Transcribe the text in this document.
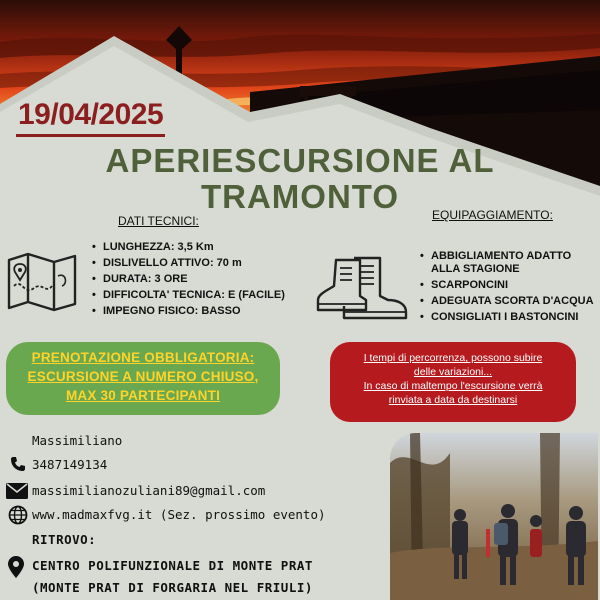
19/04/2025
APERIESCURSIONE AL
TRAMONTO
DATI TECNICI:
• LUNGHEZZA: 3,5 Km
• DISLIVELLO ATTIVO: 70 m
• DURATA: 3 ORE
• DIFFICOLTA' TECNICA: E (FACILE)
• IMPEGNO FISICO: BASSO
EQUIPAGGIAMENTO:
• ABBIGLIAMENTO ADATTO ALLA STAGIONE
• SCARPONCINI
• ADEGUATA SCORTA D'ACQUA
• CONSIGLIATI I BASTONCINI
PRENOTAZIONE OBBLIGATORIA:
ESCURSIONE A NUMERO CHIUSO,
MAX 30 PARTECIPANTI
I tempi di percorrenza, possono subire
delle variazioni...
In caso di maltempo l'escursione verrà
rinviata a data da destinarsi
Massimiliano
3487149134
massimilianozuliani89@gmail.com
www.madmaxfvg.it (Sez. prossimo evento)
RITROVO:
CENTRO POLIFUNZIONALE DI MONTE PRAT
(MONTE PRAT DI FORGARIA NEL FRIULI)
